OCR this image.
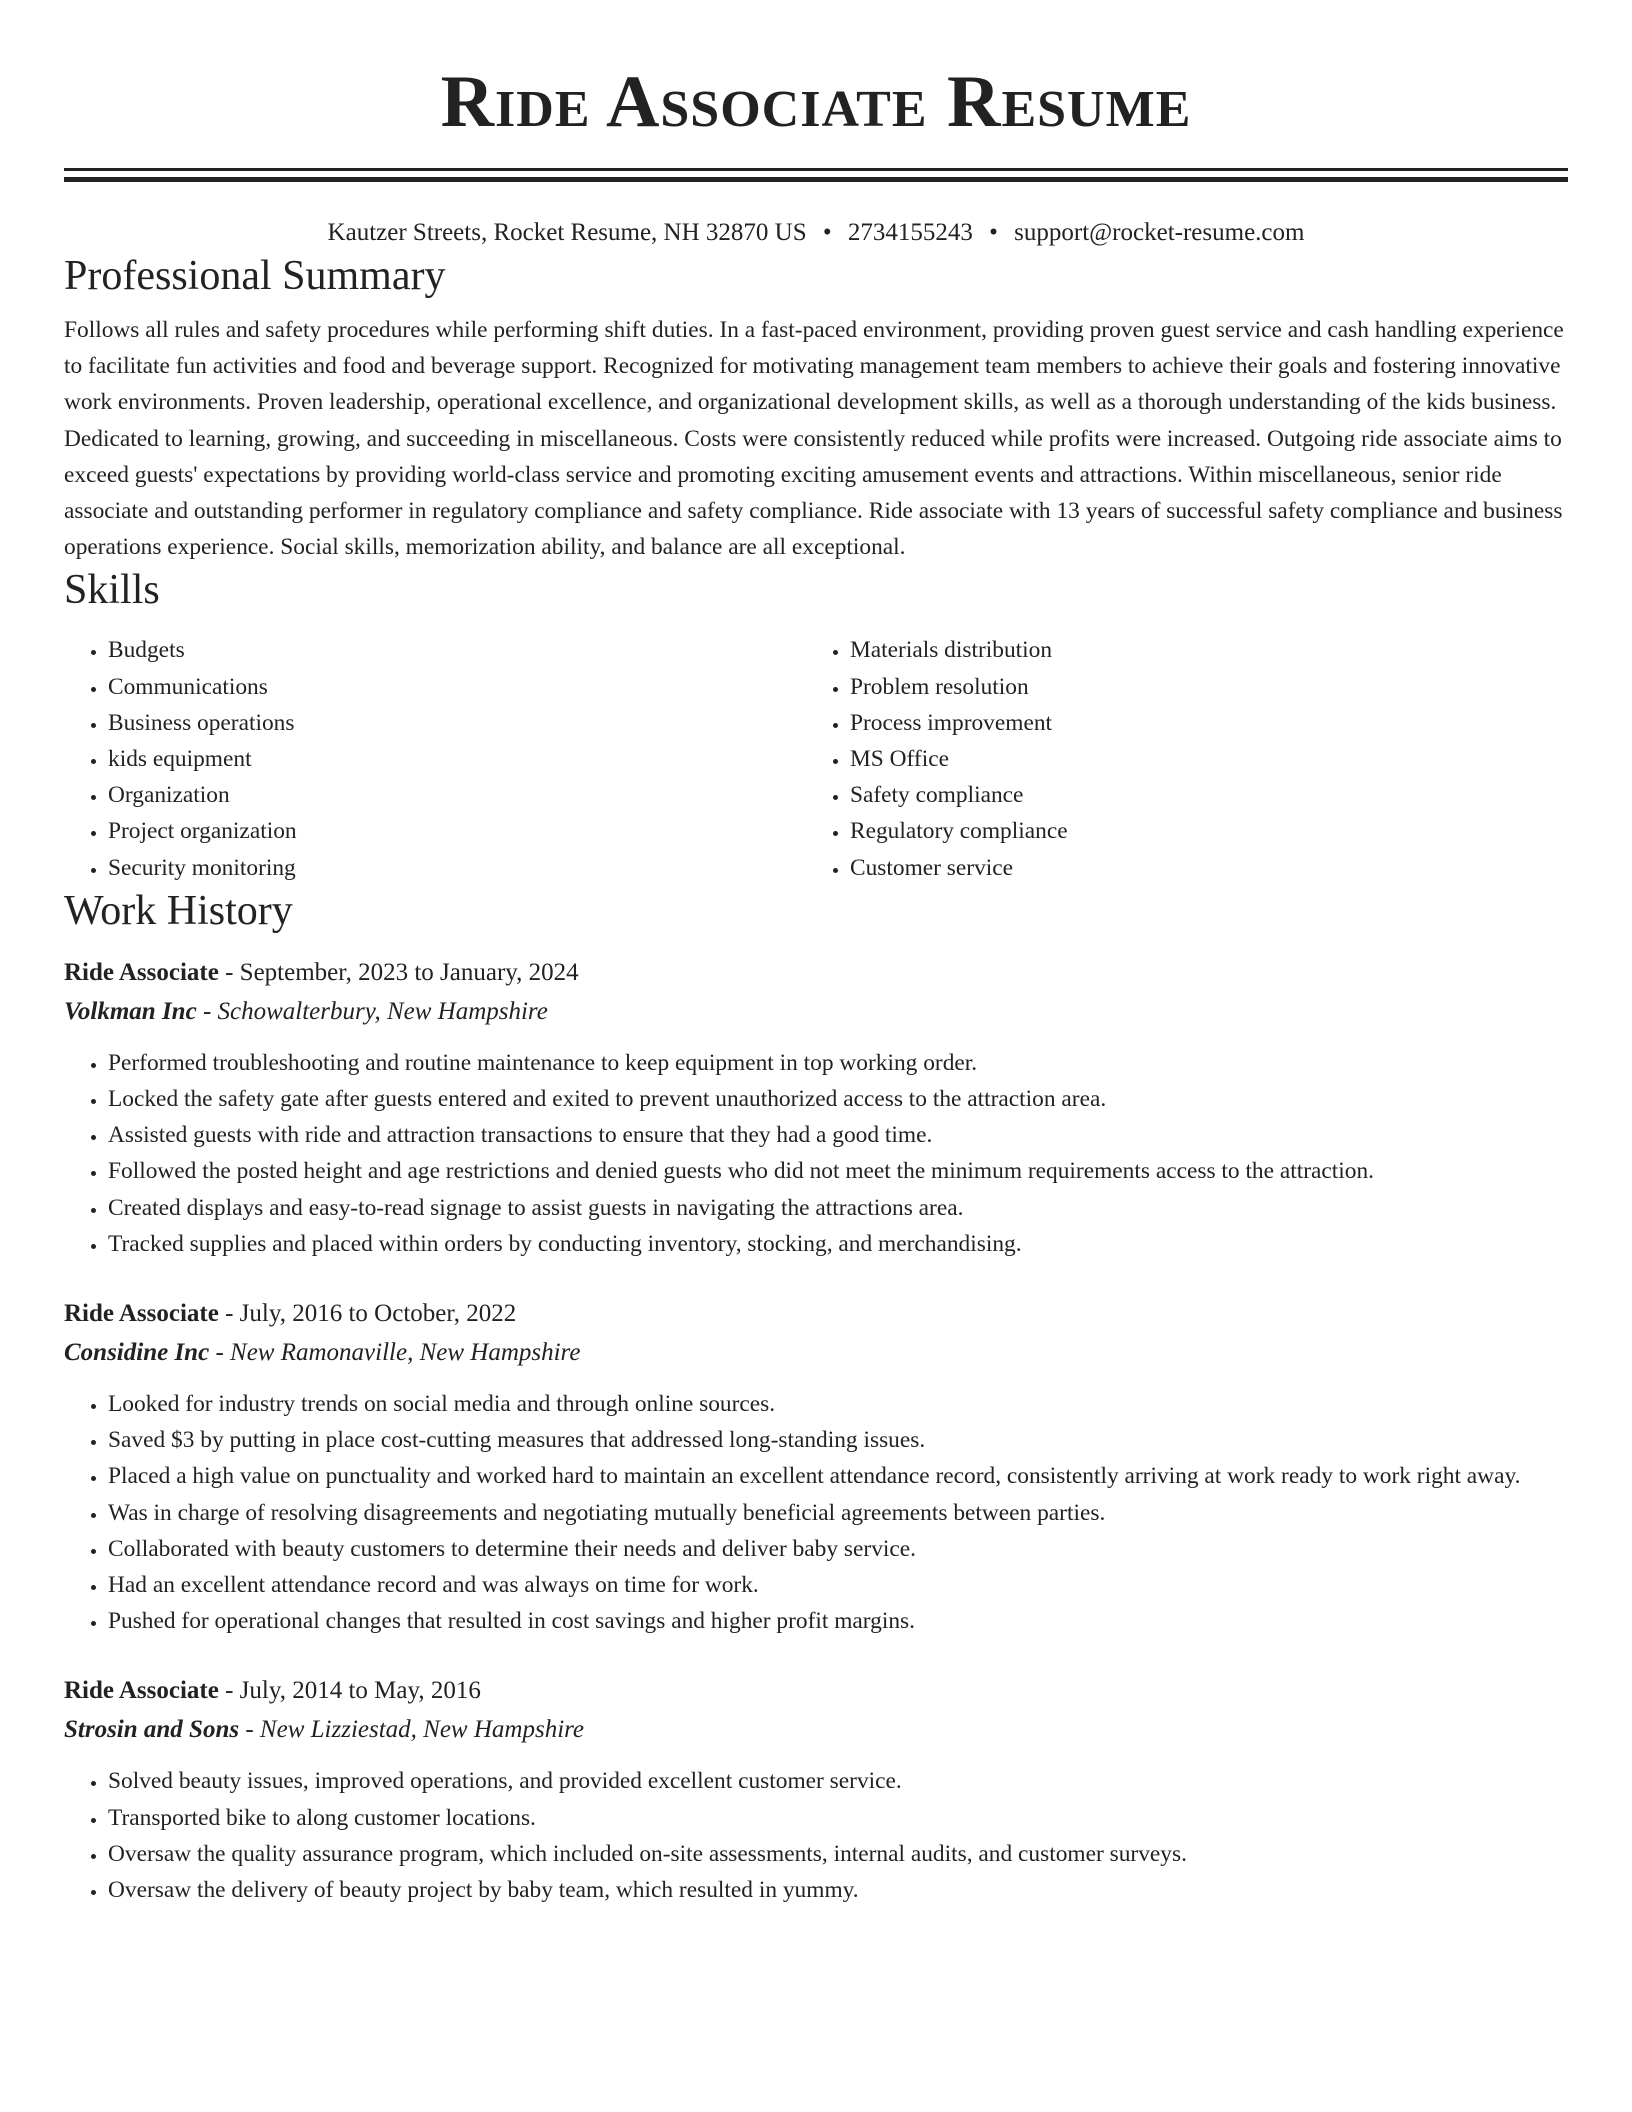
Ride Associate Resume
Kautzer Streets, Rocket Resume, NH 32870 US • 2734155243 • support@rocket-resume.com
Professional Summary

Follows all rules and safety procedures while performing shift duties. In a fast-paced environment, providing proven guest service and cash handling experience to facilitate fun activities and food and beverage support. Recognized for motivating management team members to achieve their goals and fostering innovative work environments. Proven leadership, operational excellence, and organizational development skills, as well as a thorough understanding of the kids business. Dedicated to learning, growing, and succeeding in miscellaneous. Costs were consistently reduced while profits were increased. Outgoing ride associate aims to exceed guests' expectations by providing world-class service and promoting exciting amusement events and attractions. Within miscellaneous, senior ride associate and outstanding performer in regulatory compliance and safety compliance. Ride associate with 13 years of successful safety compliance and business operations experience. Social skills, memorization ability, and balance are all exceptional.

Skills
• Budgets
• Communications
• Business operations
• kids equipment
• Organization
• Project organization
• Security monitoring
• Materials distribution
• Problem resolution
• Process improvement
• MS Office
• Safety compliance
• Regulatory compliance
• Customer service
Work History
Ride Associate - September, 2023 to January, 2024
Volkman Inc - Schowalterbury, New Hampshire
• Performed troubleshooting and routine maintenance to keep equipment in top working order.
• Locked the safety gate after guests entered and exited to prevent unauthorized access to the attraction area.
• Assisted guests with ride and attraction transactions to ensure that they had a good time.
• Followed the posted height and age restrictions and denied guests who did not meet the minimum requirements access to the attraction.
• Created displays and easy-to-read signage to assist guests in navigating the attractions area.
• Tracked supplies and placed within orders by conducting inventory, stocking, and merchandising.
Ride Associate - July, 2016 to October, 2022
Considine Inc - New Ramonaville, New Hampshire
• Looked for industry trends on social media and through online sources.
• Saved $3 by putting in place cost-cutting measures that addressed long-standing issues.
• Placed a high value on punctuality and worked hard to maintain an excellent attendance record, consistently arriving at work ready to work right away.
• Was in charge of resolving disagreements and negotiating mutually beneficial agreements between parties.
• Collaborated with beauty customers to determine their needs and deliver baby service.
• Had an excellent attendance record and was always on time for work.
• Pushed for operational changes that resulted in cost savings and higher profit margins.
Ride Associate - July, 2014 to May, 2016
Strosin and Sons - New Lizziestad, New Hampshire
• Solved beauty issues, improved operations, and provided excellent customer service.
• Transported bike to along customer locations.
• Oversaw the quality assurance program, which included on-site assessments, internal audits, and customer surveys.
• Oversaw the delivery of beauty project by baby team, which resulted in yummy.
